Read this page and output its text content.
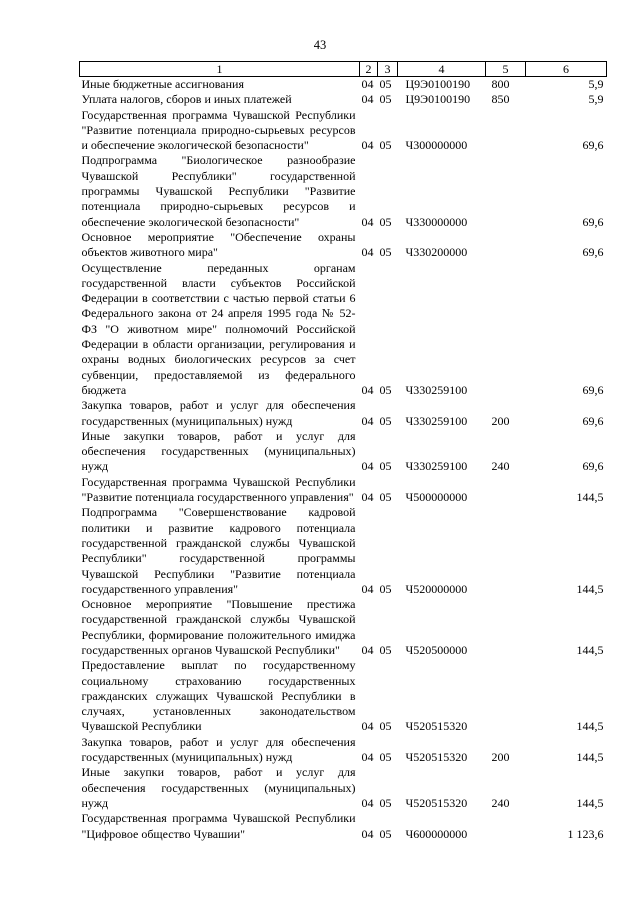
43
1	2	3	4	5	6
Иные бюджетные ассигнования	04	05	Ц9Э0100190	800	5,9
Уплата налогов, сборов и иных платежей	04	05	Ц9Э0100190	850	5,9
Государственная программа Чувашской Республики "Развитие потенциала природно-сырьевых ресурсов и обеспечение экологической безопасности"	04	05	Ч300000000		69,6
Подпрограмма "Биологическое разнообразие Чувашской Республики" государственной программы Чувашской Республики "Развитие потенциала природно-сырьевых ресурсов и обеспечение экологической безопасности"	04	05	Ч330000000		69,6
Основное мероприятие "Обеспечение охраны объектов животного мира"	04	05	Ч330200000		69,6
Осуществление переданных органам государственной власти субъектов Российской Федерации в соответствии с частью первой статьи 6 Федерального закона от 24 апреля 1995 года № 52-ФЗ "О животном мире" полномочий Российской Федерации в области организации, регулирования и охраны водных биологических ресурсов за счет субвенции, предоставляемой из федерального бюджета	04	05	Ч330259100		69,6
Закупка товаров, работ и услуг для обеспечения государственных (муниципальных) нужд	04	05	Ч330259100	200	69,6
Иные закупки товаров, работ и услуг для обеспечения государственных (муниципальных) нужд	04	05	Ч330259100	240	69,6
Государственная программа Чувашской Республики "Развитие потенциала государственного управления"	04	05	Ч500000000		144,5
Подпрограмма "Совершенствование кадровой политики и развитие кадрового потенциала государственной гражданской службы Чувашской Республики" государственной программы Чувашской Республики "Развитие потенциала государственного управления"	04	05	Ч520000000		144,5
Основное мероприятие "Повышение престижа государственной гражданской службы Чувашской Республики, формирование положительного имиджа государственных органов Чувашской Республики"	04	05	Ч520500000		144,5
Предоставление выплат по государственному социальному страхованию государственных гражданских служащих Чувашской Республики в случаях, установленных законодательством Чувашской Республики	04	05	Ч520515320		144,5
Закупка товаров, работ и услуг для обеспечения государственных (муниципальных) нужд	04	05	Ч520515320	200	144,5
Иные закупки товаров, работ и услуг для обеспечения государственных (муниципальных) нужд	04	05	Ч520515320	240	144,5
Государственная программа Чувашской Республики "Цифровое общество Чувашии"	04	05	Ч600000000		1 123,6
